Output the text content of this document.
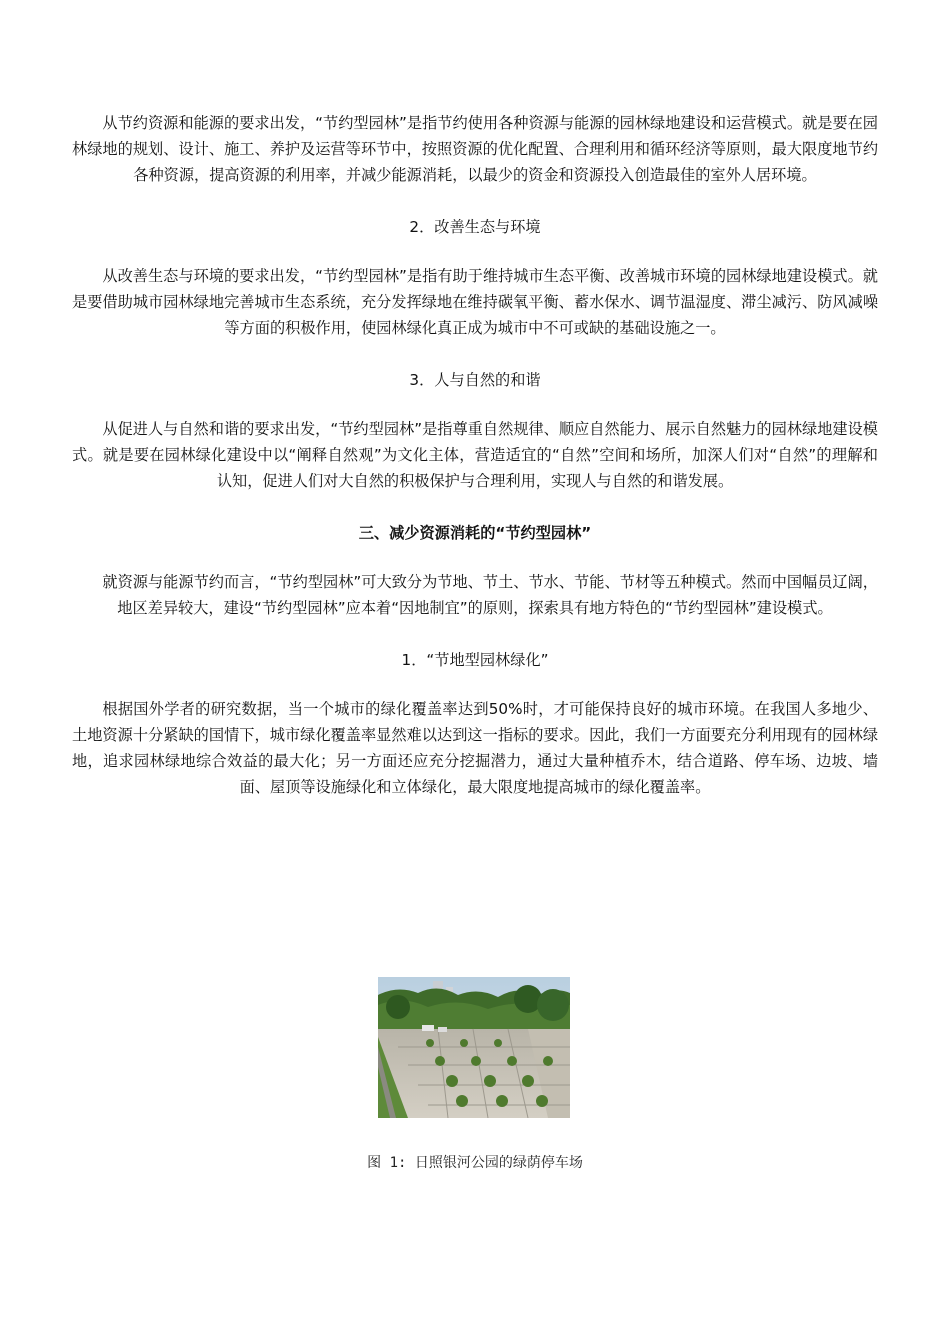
从节约资源和能源的要求出发，“节约型园林”是指节约使用各种资源与能源的园林绿地建设和运营模式。就是要在园林绿地的规划、设计、施工、养护及运营等环节中，按照资源的优化配置、合理利用和循环经济等原则，最大限度地节约各种资源，提高资源的利用率，并减少能源消耗，以最少的资金和资源投入创造最佳的室外人居环境。

2．改善生态与环境

从改善生态与环境的要求出发，“节约型园林”是指有助于维持城市生态平衡、改善城市环境的园林绿地建设模式。就是要借助城市园林绿地完善城市生态系统，充分发挥绿地在维持碳氧平衡、蓄水保水、调节温湿度、滞尘减污、防风减噪等方面的积极作用，使园林绿化真正成为城市中不可或缺的基础设施之一。

3．人与自然的和谐

从促进人与自然和谐的要求出发，“节约型园林”是指尊重自然规律、顺应自然能力、展示自然魅力的园林绿地建设模式。就是要在园林绿化建设中以“阐释自然观”为文化主体，营造适宜的“自然”空间和场所，加深人们对“自然”的理解和认知，促进人们对大自然的积极保护与合理利用，实现人与自然的和谐发展。

三、减少资源消耗的“节约型园林”

就资源与能源节约而言，“节约型园林”可大致分为节地、节土、节水、节能、节材等五种模式。然而中国幅员辽阔，地区差异较大，建设“节约型园林”应本着“因地制宜”的原则，探索具有地方特色的“节约型园林”建设模式。

1．“节地型园林绿化”

根据国外学者的研究数据，当一个城市的绿化覆盖率达到50%时，才可能保持良好的城市环境。在我国人多地少、土地资源十分紧缺的国情下，城市绿化覆盖率显然难以达到这一指标的要求。因此，我们一方面要充分利用现有的园林绿地，追求园林绿地综合效益的最大化；另一方面还应充分挖掘潜力，通过大量种植乔木，结合道路、停车场、边坡、墙面、屋顶等设施绿化和立体绿化，最大限度地提高城市的绿化覆盖率。

图 1: 日照银河公园的绿荫停车场
